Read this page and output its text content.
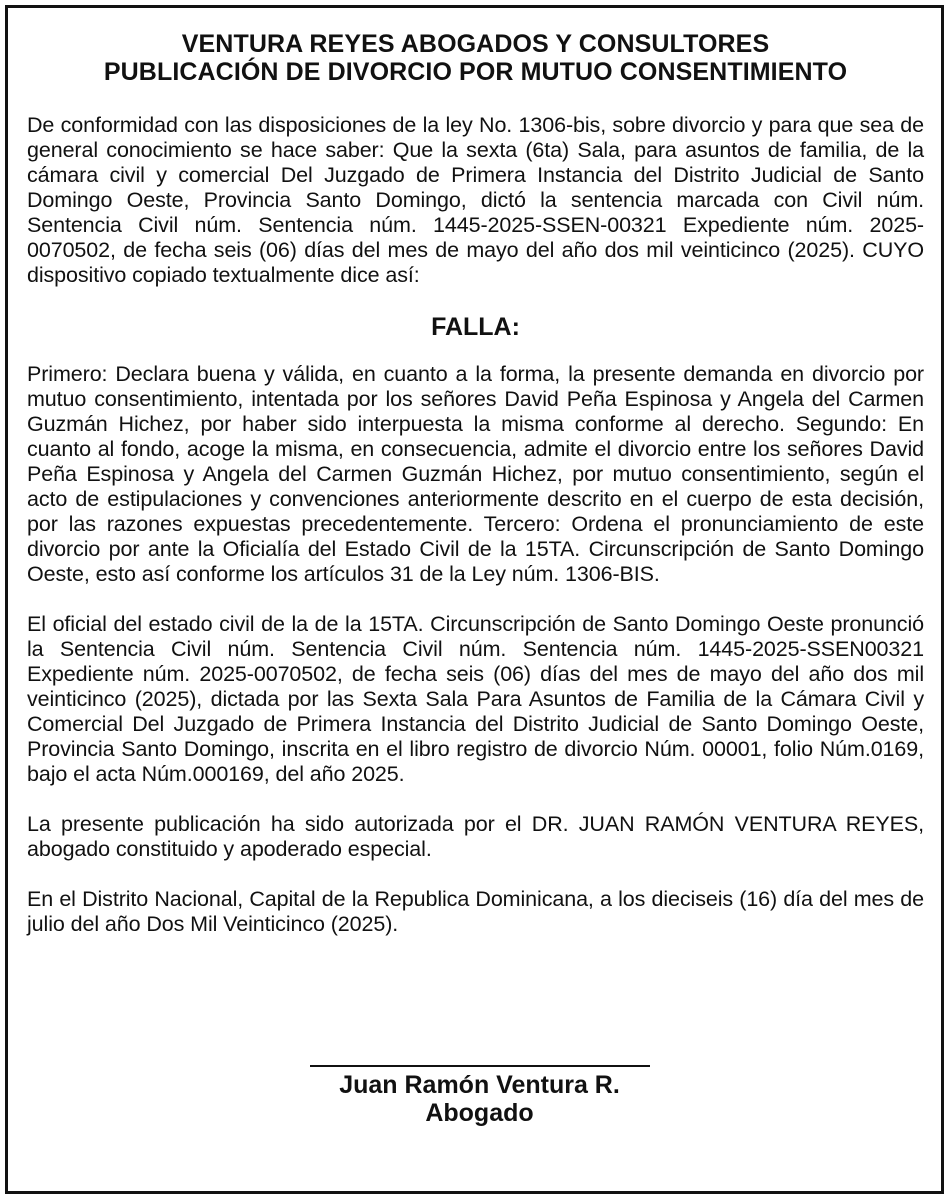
VENTURA REYES ABOGADOS Y CONSULTORES
PUBLICACIÓN DE DIVORCIO POR MUTUO CONSENTIMIENTO

De conformidad con las disposiciones de la ley No. 1306-bis, sobre divorcio y para que sea de general conocimiento se hace saber: Que la sexta (6ta) Sala, para asuntos de familia, de la cámara civil y comercial Del Juzgado de Primera Instancia del Distrito Judicial de Santo Domingo Oeste, Provincia Santo Domingo, dictó la sentencia marcada con Civil núm. Sentencia Civil núm. Sentencia núm. 1445-2025-SSEN-00321 Expediente núm. 2025-0070502, de fecha seis (06) días del mes de mayo del año dos mil veinticinco (2025). CUYO dispositivo copiado textualmente dice así:

FALLA:

Primero: Declara buena y válida, en cuanto a la forma, la presente demanda en divorcio por mutuo consentimiento, intentada por los señores David Peña Espinosa y Angela del Carmen Guzmán Hichez, por haber sido interpuesta la misma conforme al derecho. Segundo: En cuanto al fondo, acoge la misma, en consecuencia, admite el divorcio entre los señores David Peña Espinosa y Angela del Carmen Guzmán Hichez, por mutuo consentimiento, según el acto de estipulaciones y convenciones anteriormente descrito en el cuerpo de esta decisión, por las razones expuestas precedentemente. Tercero: Ordena el pronunciamiento de este divorcio por ante la Oficialía del Estado Civil de la 15TA. Circunscripción de Santo Domingo Oeste, esto así conforme los artículos 31 de la Ley núm. 1306-BIS.

El oficial del estado civil de la de la 15TA. Circunscripción de Santo Domingo Oeste pronunció la Sentencia Civil núm. Sentencia Civil núm. Sentencia núm. 1445-2025-SSEN00321 Expediente núm. 2025-0070502, de fecha seis (06) días del mes de mayo del año dos mil veinticinco (2025), dictada por las Sexta Sala Para Asuntos de Familia de la Cámara Civil y Comercial Del Juzgado de Primera Instancia del Distrito Judicial de Santo Domingo Oeste, Provincia Santo Domingo, inscrita en el libro registro de divorcio Núm. 00001, folio Núm.0169, bajo el acta Núm.000169, del año 2025.

La presente publicación ha sido autorizada por el DR. JUAN RAMÓN VENTURA REYES, abogado constituido y apoderado especial.

En el Distrito Nacional, Capital de la Republica Dominicana, a los dieciseis (16) día del mes de julio del año Dos Mil Veinticinco (2025).

Juan Ramón Ventura R.
Abogado
